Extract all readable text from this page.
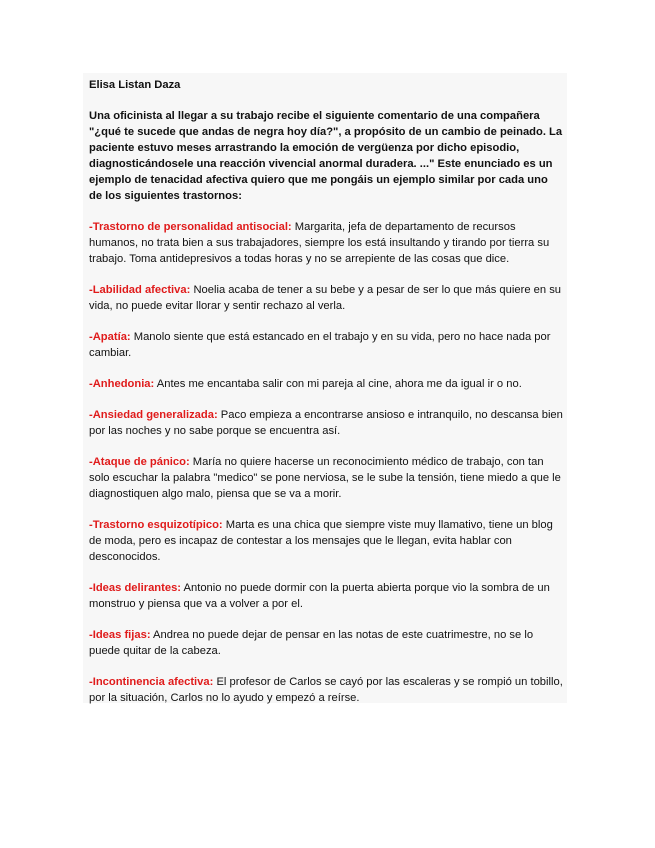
Elisa Listan Daza

Una oficinista al llegar a su trabajo recibe el siguiente comentario de una compañera "¿qué te sucede que andas de negra hoy día?", a propósito de un cambio de peinado. La paciente estuvo meses arrastrando la emoción de vergüenza por dicho episodio, diagnosticándosele una reacción vivencial anormal duradera. ..." Este enunciado es un ejemplo de tenacidad afectiva quiero que me pongáis un ejemplo similar por cada uno de los siguientes trastornos:

-Trastorno de personalidad antisocial: Margarita, jefa de departamento de recursos humanos, no trata bien a sus trabajadores, siempre los está insultando y tirando por tierra su trabajo. Toma antidepresivos a todas horas y no se arrepiente de las cosas que dice.

-Labilidad afectiva: Noelia acaba de tener a su bebe y a pesar de ser lo que más quiere en su vida, no puede evitar llorar y sentir rechazo al verla.

-Apatía: Manolo siente que está estancado en el trabajo y en su vida, pero no hace nada por cambiar.

-Anhedonia: Antes me encantaba salir con mi pareja al cine, ahora me da igual ir o no.

-Ansiedad generalizada: Paco empieza a encontrarse ansioso e intranquilo, no descansa bien por las noches y no sabe porque se encuentra así.

-Ataque de pánico: María no quiere hacerse un reconocimiento médico de trabajo, con tan solo escuchar la palabra "medico" se pone nerviosa, se le sube la tensión, tiene miedo a que le diagnostiquen algo malo, piensa que se va a morir.

-Trastorno esquizotípico: Marta es una chica que siempre viste muy llamativo, tiene un blog de moda, pero es incapaz de contestar a los mensajes que le llegan, evita hablar con desconocidos.

-Ideas delirantes: Antonio no puede dormir con la puerta abierta porque vio la sombra de un monstruo y piensa que va a volver a por el.

-Ideas fijas: Andrea no puede dejar de pensar en las notas de este cuatrimestre, no se lo puede quitar de la cabeza.

-Incontinencia afectiva: El profesor de Carlos se cayó por las escaleras y se rompió un tobillo, por la situación, Carlos no lo ayudo y empezó a reírse.
